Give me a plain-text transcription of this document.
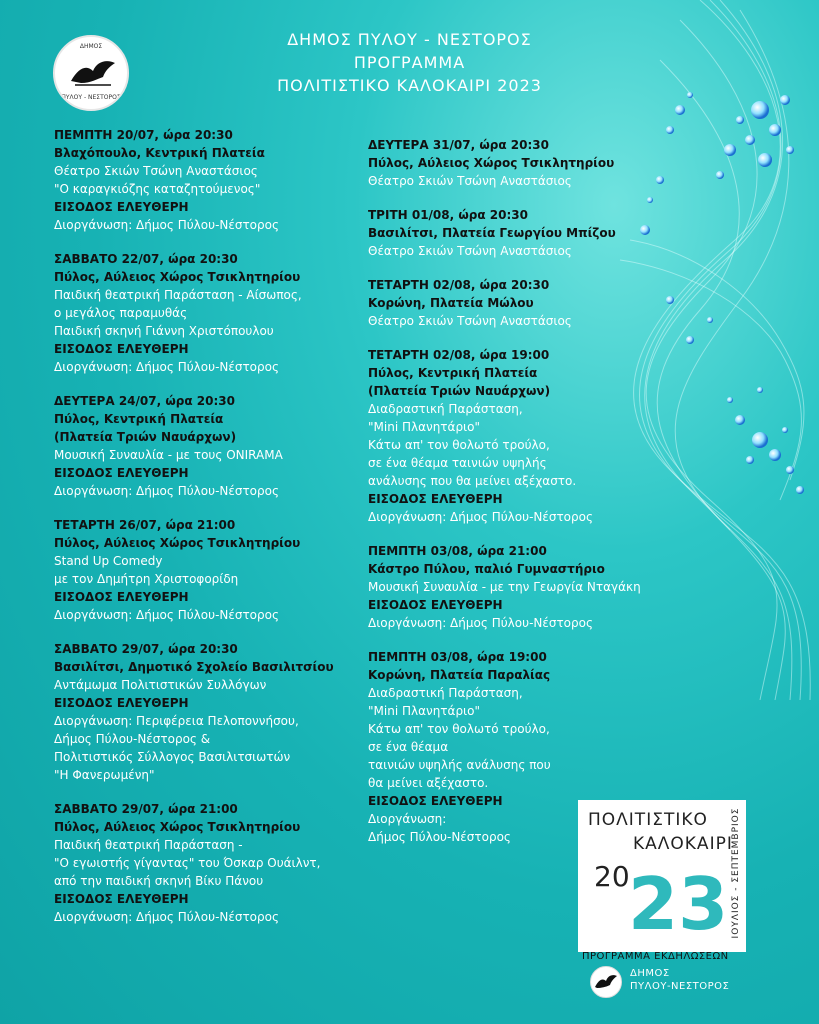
ΔΗΜΟΣ
ΠΥΛΟΥ - ΝΕΣΤΟΡΟΣ
ΔΗΜΟΣ ΠΥΛΟΥ - ΝΕΣΤΟΡΟΣ
ΠΡΟΓΡΑΜΜΑ
ΠΟΛΙΤΙΣΤΙΚΟ ΚΑΛΟΚΑΙΡΙ 2023
ΠΕΜΠΤΗ 20/07, ώρα 20:30
Βλαχόπουλο, Κεντρική Πλατεία
Θέατρο Σκιών Τσώνη Αναστάσιος
"Ο καραγκιόζης καταζητούμενος"
ΕΙΣΟΔΟΣ ΕΛΕΥΘΕΡΗ
Διοργάνωση: Δήμος Πύλου-Νέστορος
ΣΑΒΒΑΤΟ 22/07, ώρα 20:30
Πύλος, Αύλειος Χώρος Τσικλητηρίου
Παιδική θεατρική Παράσταση - Αίσωπος,
ο μεγάλος παραμυθάς
Παιδική σκηνή Γιάννη Χριστόπουλου
ΕΙΣΟΔΟΣ ΕΛΕΥΘΕΡΗ
Διοργάνωση: Δήμος Πύλου-Νέστορος
ΔΕΥΤΕΡΑ 24/07, ώρα 20:30
Πύλος, Κεντρική Πλατεία
(Πλατεία Τριών Ναυάρχων)
Μουσική Συναυλία - με τους ONIRAMA
ΕΙΣΟΔΟΣ ΕΛΕΥΘΕΡΗ
Διοργάνωση: Δήμος Πύλου-Νέστορος
ΤΕΤΑΡΤΗ 26/07, ώρα 21:00
Πύλος, Αύλειος Χώρος Τσικλητηρίου
Stand Up Comedy
με τον Δημήτρη Χριστοφορίδη
ΕΙΣΟΔΟΣ ΕΛΕΥΘΕΡΗ
Διοργάνωση: Δήμος Πύλου-Νέστορος
ΣΑΒΒΑΤΟ 29/07, ώρα 20:30
Βασιλίτσι, Δημοτικό Σχολείο Βασιλιτσίου
Αντάμωμα Πολιτιστικών Συλλόγων
ΕΙΣΟΔΟΣ ΕΛΕΥΘΕΡΗ
Διοργάνωση: Περιφέρεια Πελοποννήσου,
Δήμος Πύλου-Νέστορος &
Πολιτιστικός Σύλλογος Βασιλιτσιωτών
"Η Φανερωμένη"
ΣΑΒΒΑΤΟ 29/07, ώρα 21:00
Πύλος, Αύλειος Χώρος Τσικλητηρίου
Παιδική θεατρική Παράσταση -
"Ο εγωιστής γίγαντας" του Όσκαρ Ουάιλντ,
από την παιδική σκηνή Βίκυ Πάνου
ΕΙΣΟΔΟΣ ΕΛΕΥΘΕΡΗ
Διοργάνωση: Δήμος Πύλου-Νέστορος
ΔΕΥΤΕΡΑ 31/07, ώρα 20:30
Πύλος, Αύλειος Χώρος Τσικλητηρίου
Θέατρο Σκιών Τσώνη Αναστάσιος
ΤΡΙΤΗ 01/08, ώρα 20:30
Βασιλίτσι, Πλατεία Γεωργίου Μπίζου
Θέατρο Σκιών Τσώνη Αναστάσιος
ΤΕΤΑΡΤΗ 02/08, ώρα 20:30
Κορώνη, Πλατεία Μώλου
Θέατρο Σκιών Τσώνη Αναστάσιος
ΤΕΤΑΡΤΗ 02/08, ώρα 19:00
Πύλος, Κεντρική Πλατεία
(Πλατεία Τριών Ναυάρχων)
Διαδραστική Παράσταση,
"Mini Πλανητάριο"
Κάτω απ' τον θολωτό τρούλο,
σε ένα θέαμα ταινιών υψηλής
ανάλυσης που θα μείνει αξέχαστο.
ΕΙΣΟΔΟΣ ΕΛΕΥΘΕΡΗ
Διοργάνωση: Δήμος Πύλου-Νέστορος
ΠΕΜΠΤΗ 03/08, ώρα 21:00
Κάστρο Πύλου, παλιό Γυμναστήριο
Μουσική Συναυλία - με την Γεωργία Νταγάκη
ΕΙΣΟΔΟΣ ΕΛΕΥΘΕΡΗ
Διοργάνωση: Δήμος Πύλου-Νέστορος
ΠΕΜΠΤΗ 03/08, ώρα 19:00
Κορώνη, Πλατεία Παραλίας
Διαδραστική Παράσταση,
"Mini Πλανητάριο"
Κάτω απ' τον θολωτό τρούλο,
σε ένα θέαμα
ταινιών υψηλής ανάλυσης που
θα μείνει αξέχαστο.
ΕΙΣΟΔΟΣ ΕΛΕΥΘΕΡΗ
Διοργάνωση:
Δήμος Πύλου-Νέστορος
ΠΟΛΙΤΙΣΤΙΚΟ
ΚΑΛΟΚΑΙΡΙ
20
23 ΙΟΥΛΙΟΣ - ΣΕΠΤΕΜΒΡΙΟΣ
ΠΡΟΓΡΑΜΜΑ ΕΚΔΗΛΩΣΕΩΝ
ΔΗΜΟΣ
ΠΥΛΟΥ-ΝΕΣΤΟΡΟΣ
